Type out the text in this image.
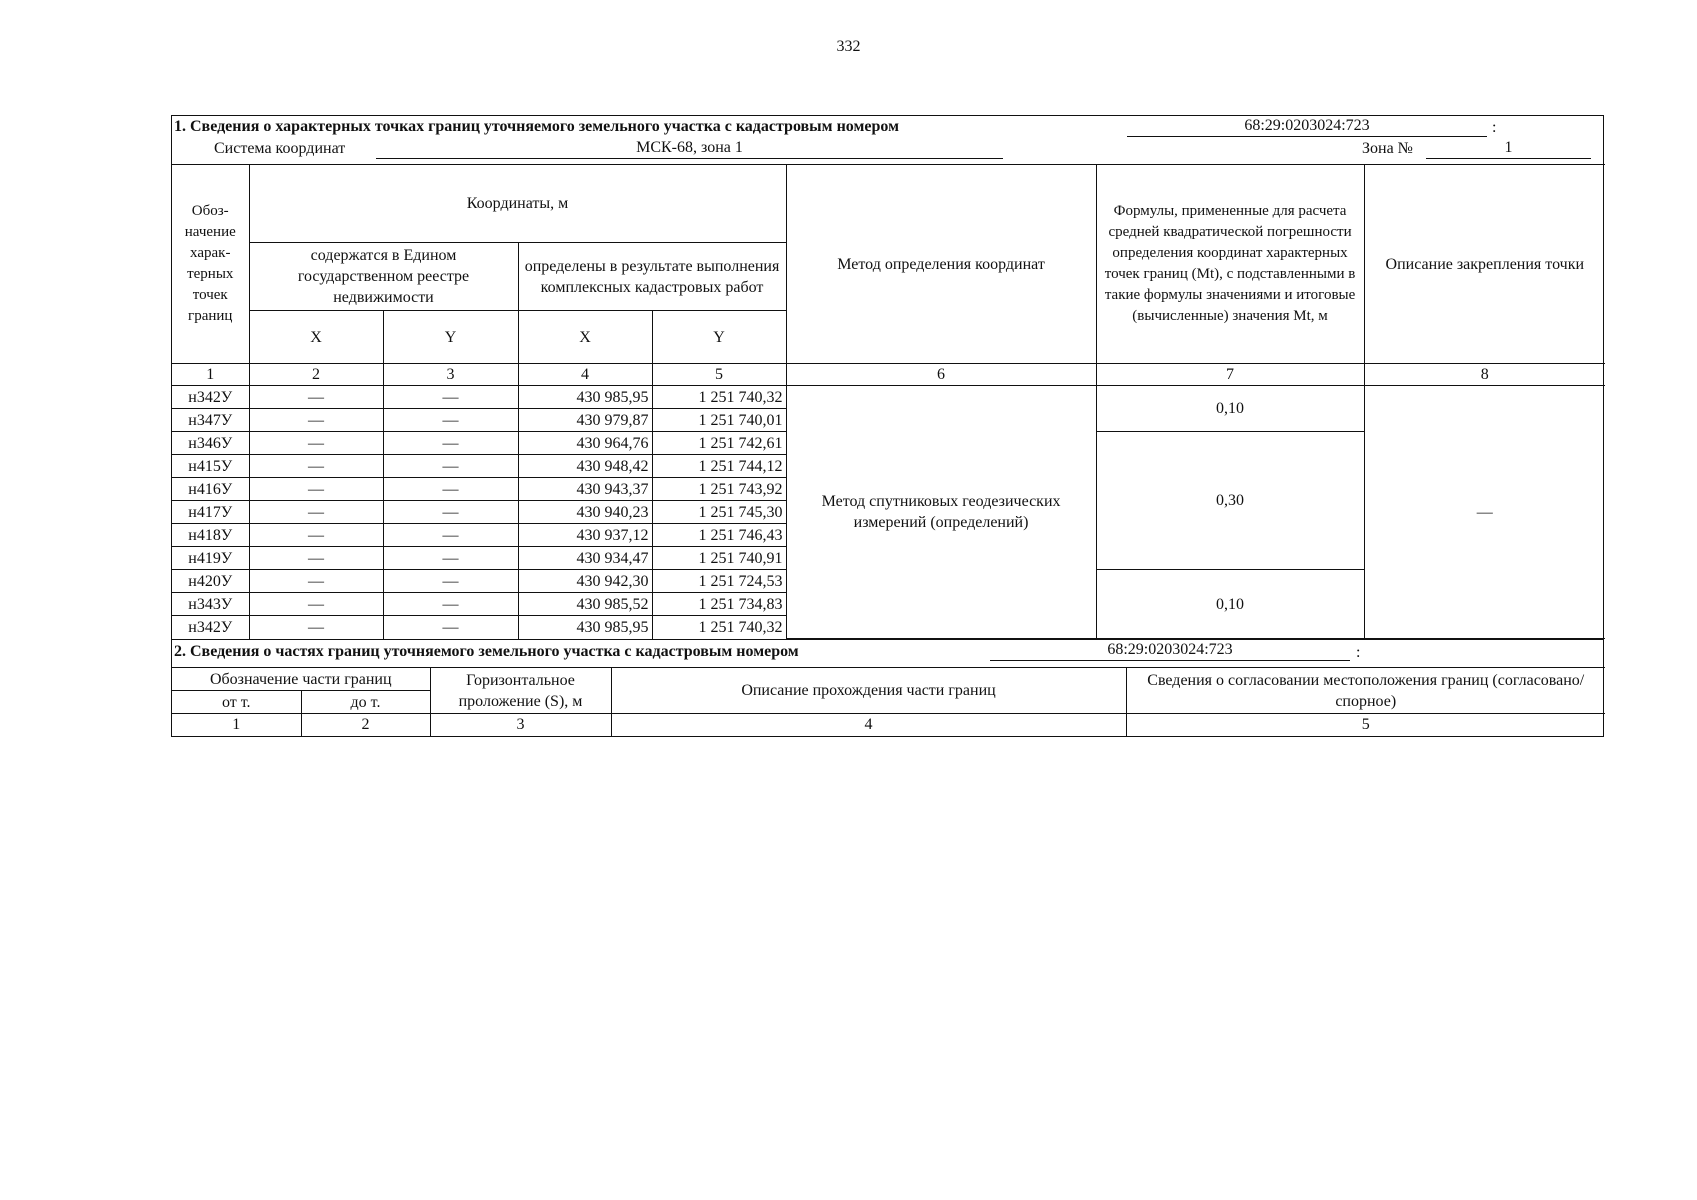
332
1. Сведения о характерных точках границ уточняемого земельного участка с кадастровым номером	68:29:0203024:723	:
Система координат	МСК-68, зона 1	Зона №	1
Обоз-начение харак-терных точек границ	Координаты, м				Метод определения координат	Формулы, примененные для расчета средней квадратической погрешности определения координат характерных точек границ (Mt), с подставленными в такие формулы значениями и итоговые (вычисленные) значения Mt, м	Описание закрепления точки
	содержатся в Едином государственном реестре недвижимости		определены в результате выполнения комплексных кадастровых работ				
	X	Y	X	Y			
1	2	3	4	5	6	7	8
н342У	—	—	430 985,95	1 251 740,32	Метод спутниковых геодезических измерений (определений)	0,10	—
н347У	—	—	430 979,87	1 251 740,01			
н346У	—	—	430 964,76	1 251 742,61		0,30	
н415У	—	—	430 948,42	1 251 744,12			
н416У	—	—	430 943,37	1 251 743,92			
н417У	—	—	430 940,23	1 251 745,30			
н418У	—	—	430 937,12	1 251 746,43			
н419У	—	—	430 934,47	1 251 740,91			
н420У	—	—	430 942,30	1 251 724,53		0,10	
н343У	—	—	430 985,52	1 251 734,83			
н342У	—	—	430 985,95	1 251 740,32			
2. Сведения о частях границ уточняемого земельного участка с кадастровым номером	68:29:0203024:723	:
Обозначение части границ		Горизонтальное проложение (S), м	Описание прохождения части границ	Сведения о согласовании местоположения границ (согласовано/спорное)
от т.	до т.			
1	2	3	4	5
